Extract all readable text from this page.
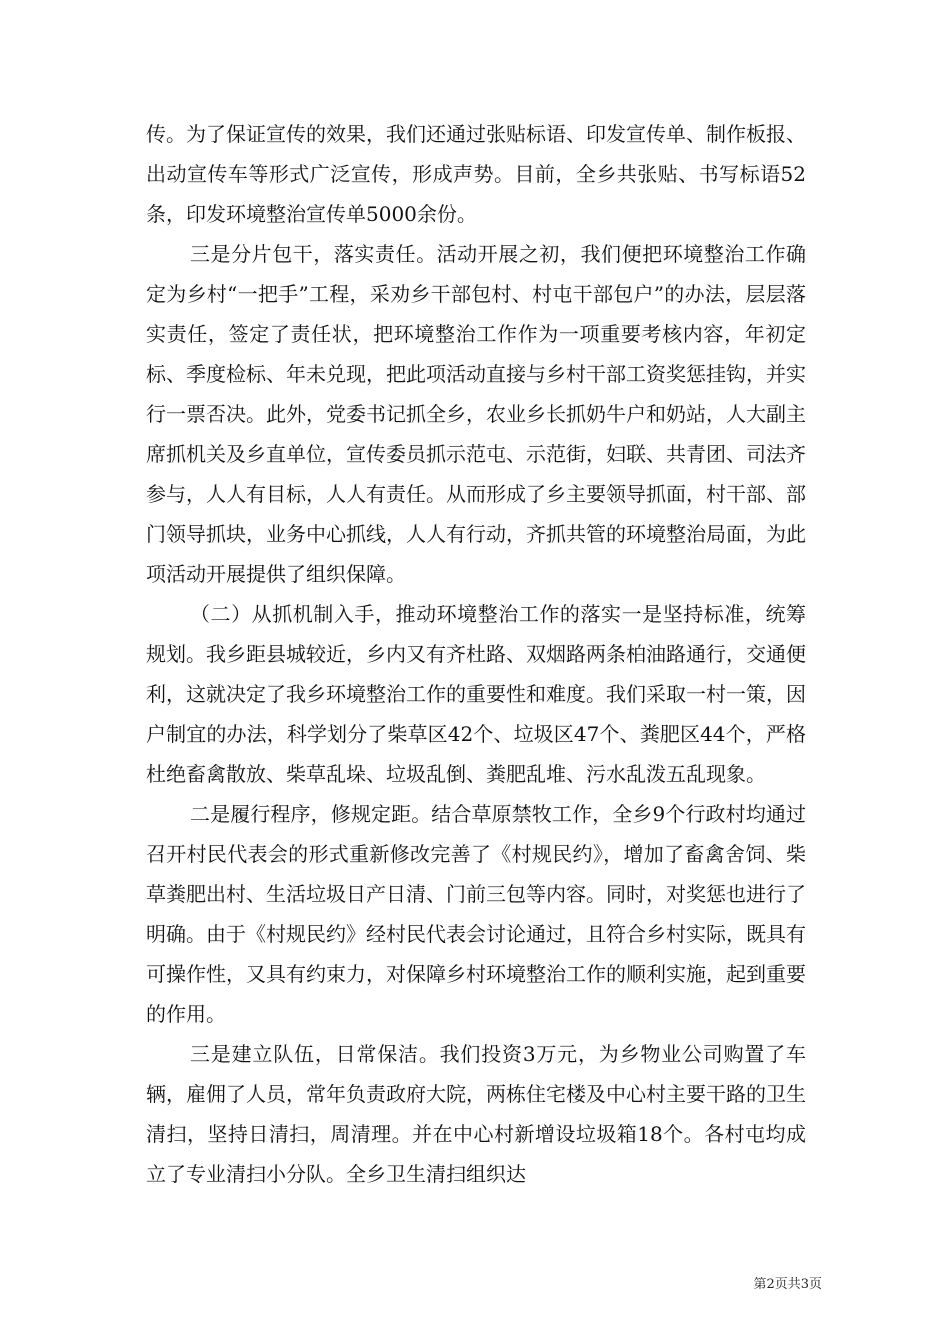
传。为了保证宣传的效果，我们还通过张贴标语、印发宣传单、制作板报、出动宣传车等形式广泛宣传，形成声势。目前，全乡共张贴、书写标语52条，印发环境整治宣传单5000余份。

三是分片包干，落实责任。活动开展之初，我们便把环境整治工作确定为乡村“一把手”工程，采劝乡干部包村、村屯干部包户”的办法，层层落实责任，签定了责任状，把环境整治工作作为一项重要考核内容，年初定标、季度检标、年未兑现，把此项活动直接与乡村干部工资奖惩挂钩，并实行一票否决。此外，党委书记抓全乡，农业乡长抓奶牛户和奶站，人大副主席抓机关及乡直单位，宣传委员抓示范屯、示范街，妇联、共青团、司法齐参与，人人有目标，人人有责任。从而形成了乡主要领导抓面，村干部、部门领导抓块，业务中心抓线，人人有行动，齐抓共管的环境整治局面，为此项活动开展提供了组织保障。

（二）从抓机制入手，推动环境整治工作的落实一是坚持标准，统筹规划。我乡距县城较近，乡内又有齐杜路、双烟路两条柏油路通行，交通便利，这就决定了我乡环境整治工作的重要性和难度。我们采取一村一策，因户制宜的办法，科学划分了柴草区42个、垃圾区47个、粪肥区44个，严格杜绝畜禽散放、柴草乱垛、垃圾乱倒、粪肥乱堆、污水乱泼五乱现象。

二是履行程序，修规定距。结合草原禁牧工作，全乡9个行政村均通过召开村民代表会的形式重新修改完善了《村规民约》，增加了畜禽舍饲、柴草粪肥出村、生活垃圾日产日清、门前三包等内容。同时，对奖惩也进行了明确。由于《村规民约》经村民代表会讨论通过，且符合乡村实际，既具有可操作性，又具有约束力，对保障乡村环境整治工作的顺利实施，起到重要的作用。

三是建立队伍，日常保洁。我们投资3万元，为乡物业公司购置了车辆，雇佣了人员，常年负责政府大院，两栋住宅楼及中心村主要干路的卫生清扫，坚持日清扫，周清理。并在中心村新增设垃圾箱18个。各村屯均成立了专业清扫小分队。全乡卫生清扫组织达

第2页共3页
